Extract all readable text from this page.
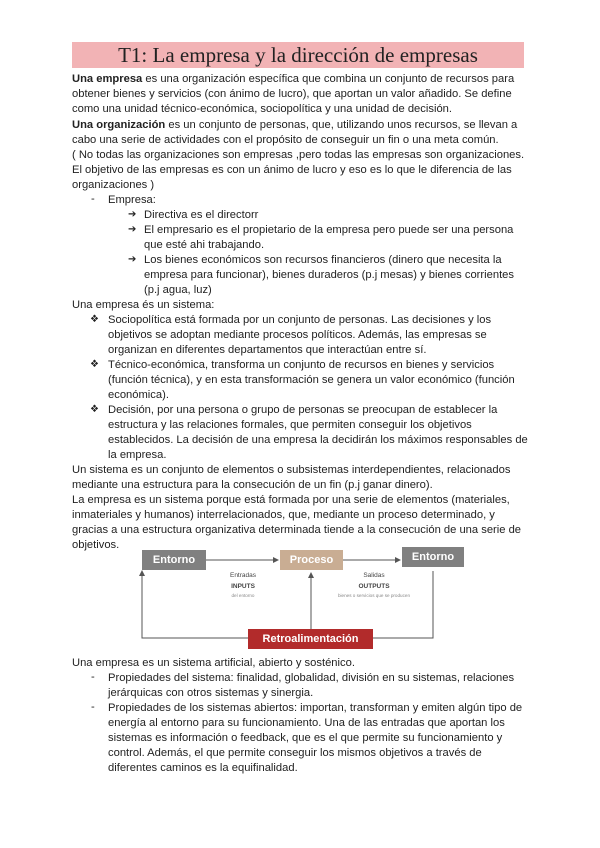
T1: La empresa y la dirección de empresas
Una empresa es una organización específica que combina un conjunto de recursos para
obtener bienes y servicios (con ánimo de lucro), que aportan un valor añadido. Se define
como una unidad técnico-económica, sociopolítica y una unidad de decisión.
Una organización es un conjunto de personas, que, utilizando unos recursos, se llevan a
cabo una serie de actividades con el propósito de conseguir un fin o una meta común.
( No todas las organizaciones son empresas ,pero todas las empresas son organizaciones.
El objetivo de las empresas es con un ánimo de lucro y eso es lo que le diferencia de las
organizaciones )
- Empresa:
➔ Directiva es el directorr
➔ El empresario es el propietario de la empresa pero puede ser una persona
que esté ahi trabajando.
➔ Los bienes económicos son recursos financieros (dinero que necesita la
empresa para funcionar), bienes duraderos (p.j mesas) y bienes corrientes
(p.j agua, luz)
Una empresa és un sistema:
❖ Sociopolítica está formada por un conjunto de personas. Las decisiones y los
objetivos se adoptan mediante procesos políticos. Además, las empresas se
organizan en diferentes departamentos que interactúan entre sí.
❖ Técnico-económica, transforma un conjunto de recursos en bienes y servicios
(función técnica), y en esta transformación se genera un valor económico (función
económica).
❖ Decisión, por una persona o grupo de personas se preocupan de establecer la
estructura y las relaciones formales, que permiten conseguir los objetivos
establecidos. La decisión de una empresa la decidirán los máximos responsables de
la empresa.
Un sistema es un conjunto de elementos o subsistemas interdependientes, relacionados
mediante una estructura para la consecución de un fin (p.j ganar dinero).
La empresa es un sistema porque está formada por una serie de elementos (materiales,
inmateriales y humanos) interrelacionados, que, mediante un proceso determinado, y
gracias a una estructura organizativa determinada tiende a la consecución de una serie de
objetivos.
Entorno	Proceso	Entorno
Retroalimentación
Entradas
INPUTS
del entorno
Salidas
OUTPUTS
bienes o servicios que se producen
Una empresa es un sistema artificial, abierto y sosténico.
- Propiedades del sistema: finalidad, globalidad, división en su sistemas, relaciones
jerárquicas con otros sistemas y sinergia.
- Propiedades de los sistemas abiertos: importan, transforman y emiten algún tipo de
energía al entorno para su funcionamiento. Una de las entradas que aportan los
sistemas es información o feedback, que es el que permite su funcionamiento y
control. Además, el que permite conseguir los mismos objetivos a través de
diferentes caminos es la equifinalidad.
